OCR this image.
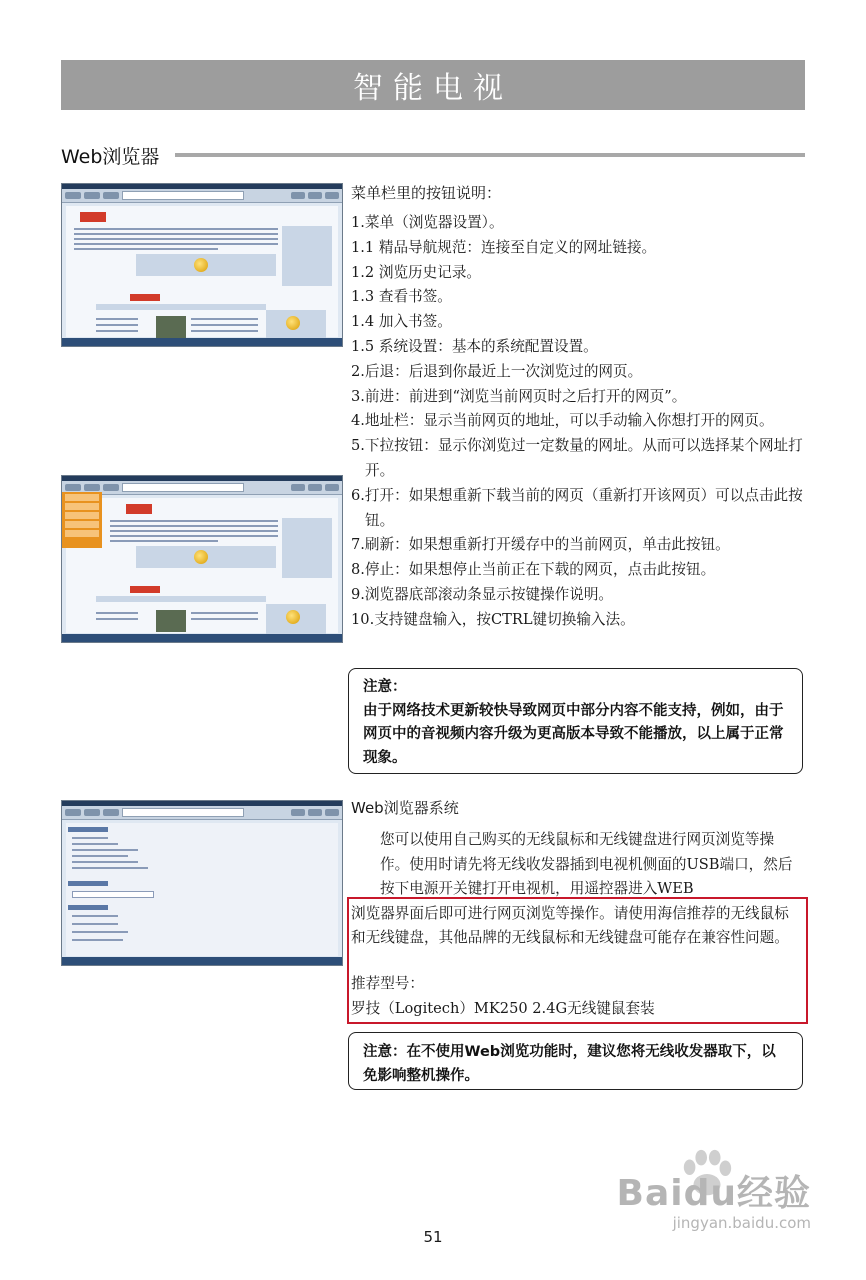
智能电视
Web浏览器
菜单栏里的按钮说明：
1.菜单（浏览器设置）。
1.1 精品导航规范：连接至自定义的网址链接。
1.2 浏览历史记录。
1.3 查看书签。
1.4 加入书签。
1.5 系统设置：基本的系统配置设置。
2.后退：后退到你最近上一次浏览过的网页。
3.前进：前进到“浏览当前网页时之后打开的网页”。
4.地址栏：显示当前网页的地址，可以手动输入你想打开的网页。
5.下拉按钮：显示你浏览过一定数量的网址。从而可以选择某个网址打开。
6.打开：如果想重新下载当前的网页（重新打开该网页）可以点击此按钮。
7.刷新：如果想重新打开缓存中的当前网页，单击此按钮。
8.停止：如果想停止当前正在下载的网页，点击此按钮。
9.浏览器底部滚动条显示按键操作说明。
10.支持键盘输入，按CTRL键切换输入法。
注意：
由于网络技术更新较快导致网页中部分内容不能支持，例如，由于网页中的音视频内容升级为更高版本导致不能播放，以上属于正常现象。
Web浏览器系统
您可以使用自己购买的无线鼠标和无线键盘进行网页浏览等操作。使用时请先将无线收发器插到电视机侧面的USB端口，然后按下电源开关键打开电视机，用遥控器进入WEB
浏览器界面后即可进行网页浏览等操作。请使用海信推荐的无线鼠标和无线键盘，其他品牌的无线鼠标和无线键盘可能存在兼容性问题。
推荐型号：
罗技（Logitech）MK250 2.4G无线键鼠套装
注意： 在不使用Web浏览功能时，建议您将无线收发器取下，以免影响整机操作。
Baidu经验
jingyan.baidu.com
51
